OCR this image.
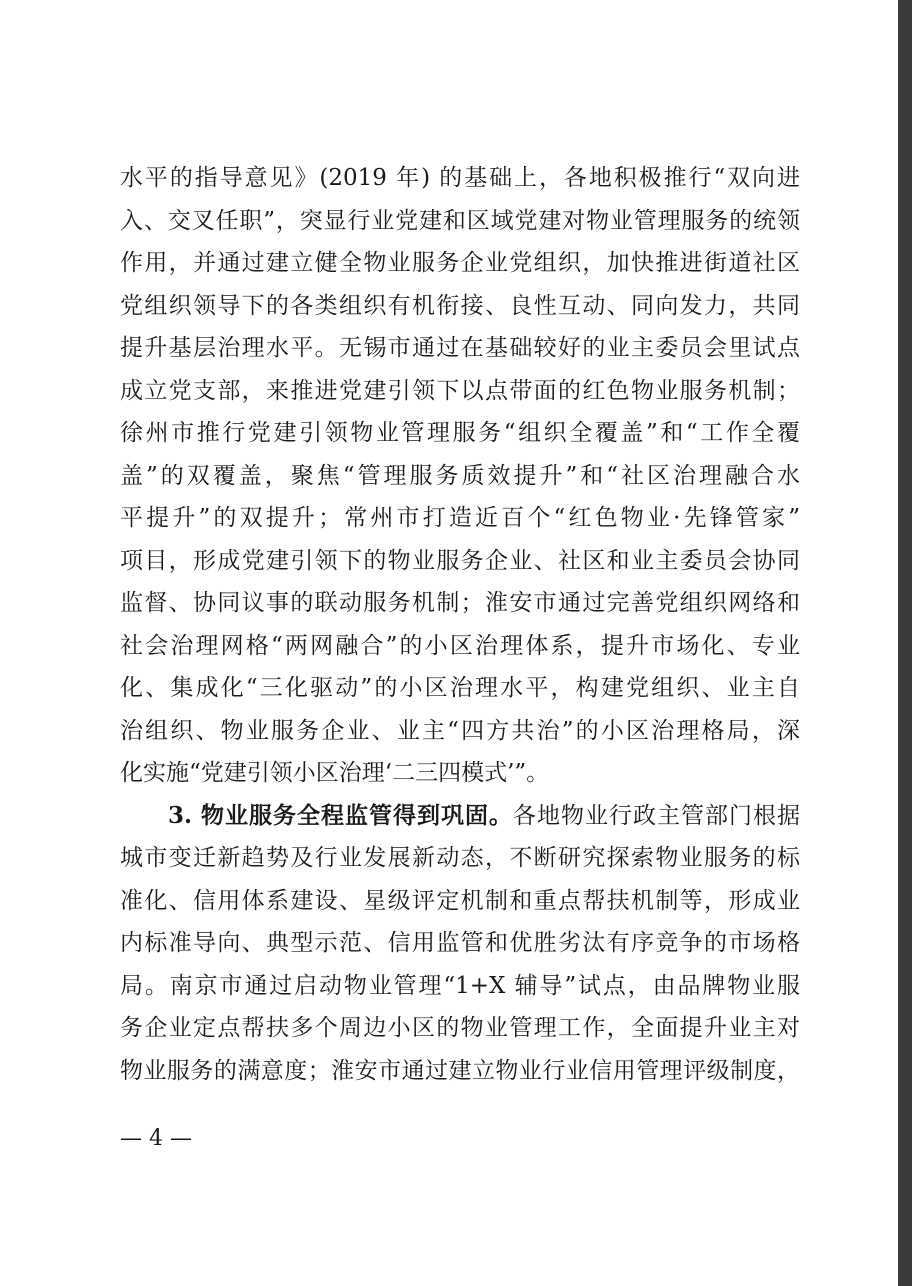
水平的指导意见》(2019 年) 的基础上，各地积极推行“双向进
入、交叉任职”，突显行业党建和区域党建对物业管理服务的统领
作用，并通过建立健全物业服务企业党组织，加快推进街道社区
党组织领导下的各类组织有机衔接、良性互动、同向发力，共同
提升基层治理水平。无锡市通过在基础较好的业主委员会里试点
成立党支部，来推进党建引领下以点带面的红色物业服务机制；
徐州市推行党建引领物业管理服务“组织全覆盖”和“工作全覆
盖”的双覆盖，聚焦“管理服务质效提升”和“社区治理融合水
平提升”的双提升；常州市打造近百个“红色物业·先锋管家”
项目，形成党建引领下的物业服务企业、社区和业主委员会协同
监督、协同议事的联动服务机制；淮安市通过完善党组织网络和
社会治理网格“两网融合”的小区治理体系，提升市场化、专业
化、集成化“三化驱动”的小区治理水平，构建党组织、业主自
治组织、物业服务企业、业主“四方共治”的小区治理格局，深
化实施“党建引领小区治理‘二三四模式’”。
3. 物业服务全程监管得到巩固。各地物业行政主管部门根据
城市变迁新趋势及行业发展新动态，不断研究探索物业服务的标
准化、信用体系建设、星级评定机制和重点帮扶机制等，形成业
内标准导向、典型示范、信用监管和优胜劣汰有序竞争的市场格
局。南京市通过启动物业管理“1+X 辅导”试点，由品牌物业服
务企业定点帮扶多个周边小区的物业管理工作，全面提升业主对
物业服务的满意度；淮安市通过建立物业行业信用管理评级制度，
— 4 —
